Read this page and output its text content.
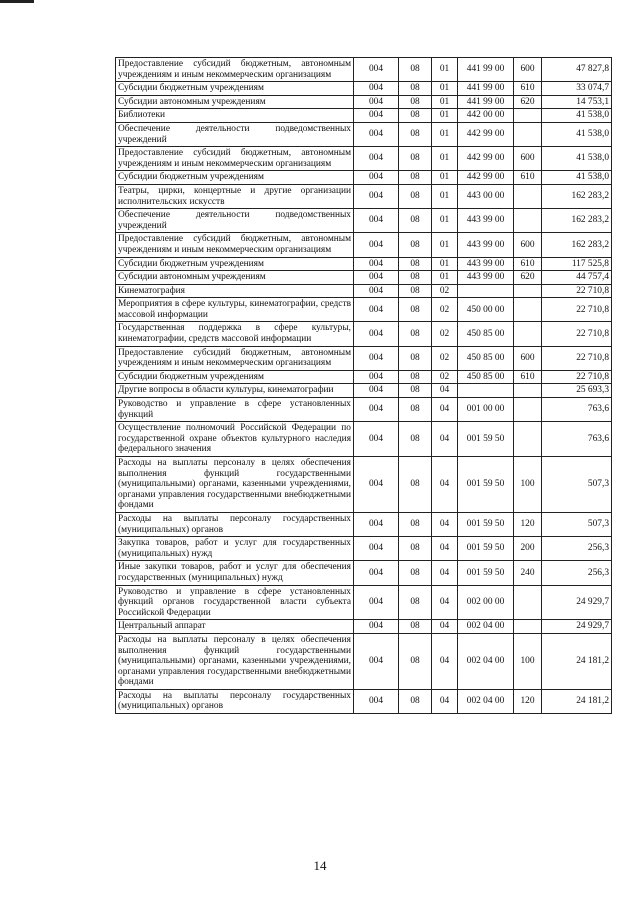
Предоставление субсидий бюджетным, автономным учреждениям и иным некоммерческим организациям	004	08	01	441 99 00	600	47 827,8
Субсидии бюджетным учреждениям	004	08	01	441 99 00	610	33 074,7
Субсидии автономным учреждениям	004	08	01	441 99 00	620	14 753,1
Библиотеки	004	08	01	442 00 00		41 538,0
Обеспечение деятельности подведомственных учреждений	004	08	01	442 99 00		41 538,0
Предоставление субсидий бюджетным, автономным учреждениям и иным некоммерческим организациям	004	08	01	442 99 00	600	41 538,0
Субсидии бюджетным учреждениям	004	08	01	442 99 00	610	41 538,0
Театры, цирки, концертные и другие организации исполнительских искусств	004	08	01	443 00 00		162 283,2
Обеспечение деятельности подведомственных учреждений	004	08	01	443 99 00		162 283,2
Предоставление субсидий бюджетным, автономным учреждениям и иным некоммерческим организациям	004	08	01	443 99 00	600	162 283,2
Субсидии бюджетным учреждениям	004	08	01	443 99 00	610	117 525,8
Субсидии автономным учреждениям	004	08	01	443 99 00	620	44 757,4
Кинематография	004	08	02			22 710,8
Мероприятия в сфере культуры, кинематографии, средств массовой информации	004	08	02	450 00 00		22 710,8
Государственная поддержка в сфере культуры, кинематографии, средств массовой информации	004	08	02	450 85 00		22 710,8
Предоставление субсидий бюджетным, автономным учреждениям и иным некоммерческим организациям	004	08	02	450 85 00	600	22 710,8
Субсидии бюджетным учреждениям	004	08	02	450 85 00	610	22 710,8
Другие вопросы в области культуры, кинематографии	004	08	04			25 693,3
Руководство и управление в сфере установленных функций	004	08	04	001 00 00		763,6
Осуществление полномочий Российской Федерации по государственной охране объектов культурного наследия федерального значения	004	08	04	001 59 50		763,6
Расходы на выплаты персоналу в целях обеспечения выполнения функций государственными (муниципальными) органами, казенными учреждениями, органами управления государственными внебюджетными фондами	004	08	04	001 59 50	100	507,3
Расходы на выплаты персоналу государственных (муниципальных) органов	004	08	04	001 59 50	120	507,3
Закупка товаров, работ и услуг для государственных (муниципальных) нужд	004	08	04	001 59 50	200	256,3
Иные закупки товаров, работ и услуг для обеспечения государственных (муниципальных) нужд	004	08	04	001 59 50	240	256,3
Руководство и управление в сфере установленных функций органов государственной власти субъекта Российской Федерации	004	08	04	002 00 00		24 929,7
Центральный аппарат	004	08	04	002 04 00		24 929,7
Расходы на выплаты персоналу в целях обеспечения выполнения функций государственными (муниципальными) органами, казенными учреждениями, органами управления государственными внебюджетными фондами	004	08	04	002 04 00	100	24 181,2
Расходы на выплаты персоналу государственных (муниципальных) органов	004	08	04	002 04 00	120	24 181,2
14
